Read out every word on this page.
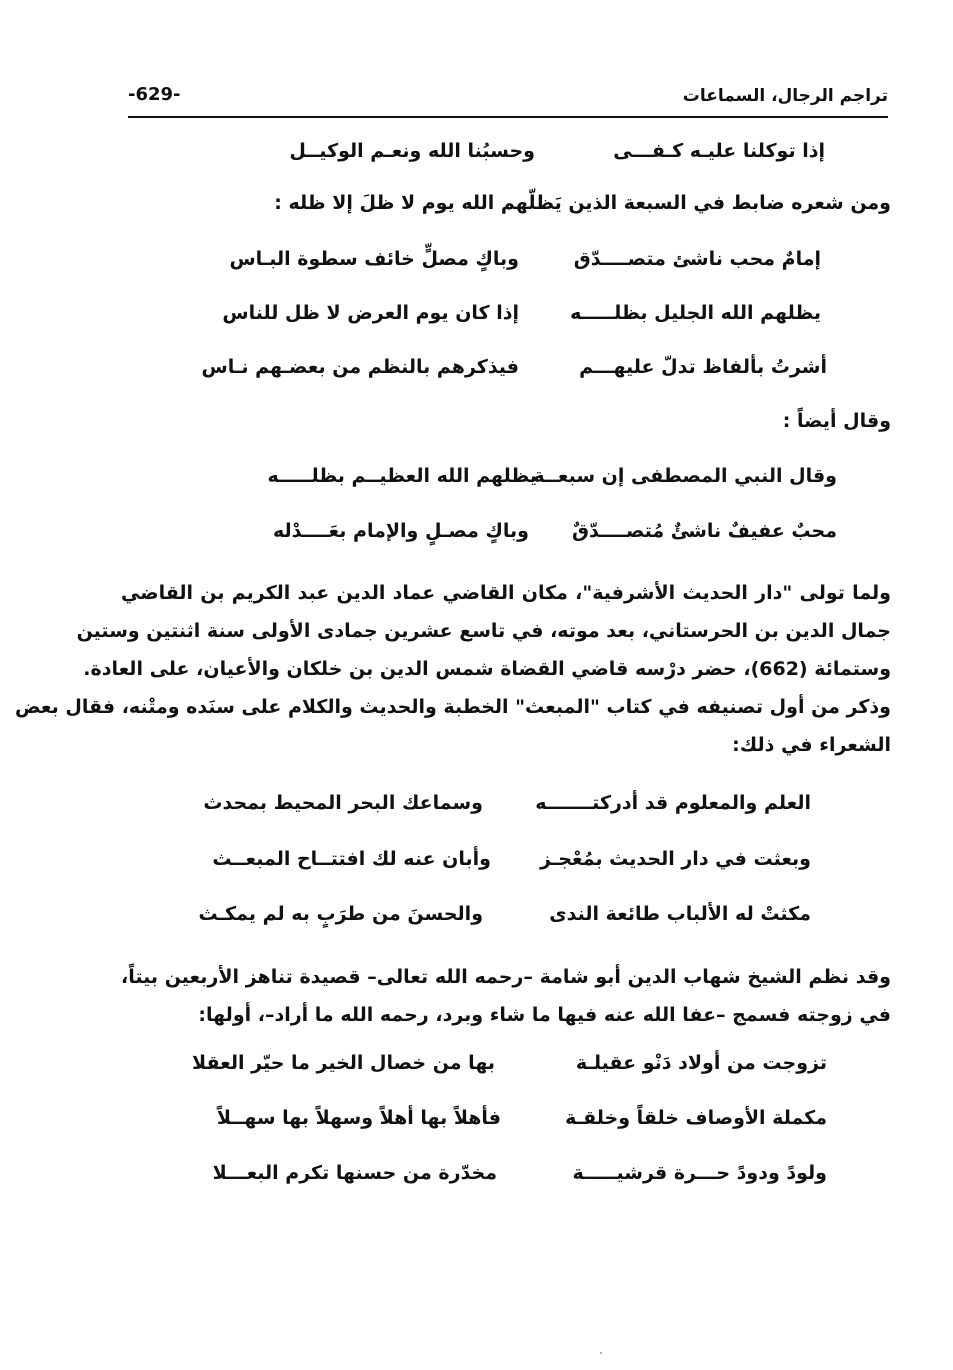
تراجم الرجال، السماعات
-629-
إذا توكلنا عليـه كـفـــى
وحسبُنا الله ونعـم الوكيــل
ومن شعره ضابط في السبعة الذين يَظلّهم الله يوم لا ظلَ إلا ظله :
إمامٌ محب ناشئ متصــــدّق
وباكٍ مصلٍّ خائف سطوة البـاس
يظلهم الله الجليل بظلـــــه
إذا كان يوم العرض لا ظل للناس
أشرتُ بألفاظ تدلّ عليهـــم
فيذكرهم بالنظم من بعضـهم نـاس
وقال أيضاً :
وقال النبي المصطفى إن سبعــة
يظلهم الله العظيــم بظلـــــه
محبٌ عفيفٌ ناشئٌ مُتصــــدّقٌ
وباكٍ مصـلٍ والإمام بعَــــدْله
ولما تولى "دار الحديث الأشرفية"، مكان القاضي عماد الدين عبد الكريم بن القاضي
جمال الدين بن الحرستاني، بعد موته، في تاسع عشرين جمادى الأولى سنة اثنتين وستين
وستمائة (662)، حضر درْسه قاضي القضاة شمس الدين بن خلكان والأعيان، على العادة.
وذكر من أول تصنيفه في كتاب "المبعث" الخطبة والحديث والكلام على سنَده ومتْنه، فقال بعض
الشعراء في ذلك:
العلم والمعلوم قد أدركتـــــــه
وسماعك البحر المحيط بمحدث
وبعثت في دار الحديث بمُعْجـز
وأبان عنه لك افتتــاح المبعــث
مكثتْ له الألباب طائعة الندى
والحسنَ من طرَبٍ به لم يمكـث
وقد نظم الشيخ شهاب الدين أبو شامة –رحمه الله تعالى– قصيدة تناهز الأربعين بيتاً،
في زوجته فسمج –عفا الله عنه فيها ما شاء وبرد، رحمه الله ما أراد–، أولها:
تزوجت من أولاد دَنْو عقيلـة
بها من خصال الخير ما حيّر العقلا
مكملة الأوصاف خلقاً وخلقـة
فأهلاً بها أهلاً وسهلاً بها سهــلاً
ولودً ودودً حـــرة قرشيـــــة
مخدّرة من حسنها تكرم البعـــلا
